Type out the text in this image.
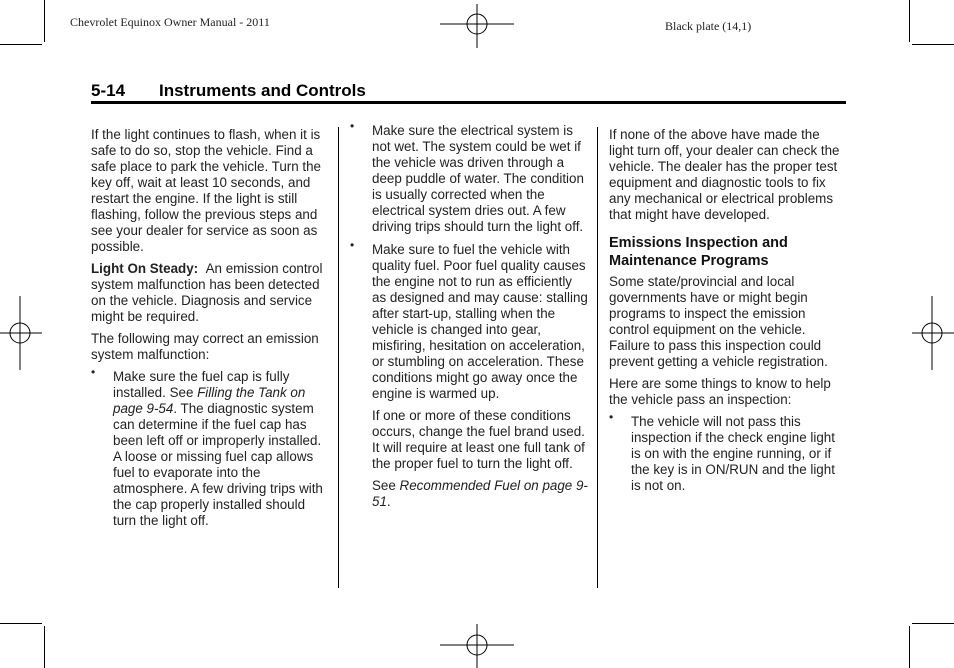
Chevrolet Equinox Owner Manual - 2011	Black plate (14,1)
5-14 Instruments and Controls

If the light continues to flash, when it is safe to do so, stop the vehicle. Find a safe place to park the vehicle. Turn the key off, wait at least 10 seconds, and restart the engine. If the light is still flashing, follow the previous steps and see your dealer for service as soon as possible.

Light On Steady: An emission control system malfunction has been detected on the vehicle. Diagnosis and service might be required.

The following may correct an emission system malfunction:

• Make sure the fuel cap is fully installed. See Filling the Tank on page 9-54. The diagnostic system can determine if the fuel cap has been left off or improperly installed. A loose or missing fuel cap allows fuel to evaporate into the atmosphere. A few driving trips with the cap properly installed should turn the light off.
• Make sure the electrical system is not wet. The system could be wet if the vehicle was driven through a deep puddle of water. The condition is usually corrected when the electrical system dries out. A few driving trips should turn the light off.
• Make sure to fuel the vehicle with quality fuel. Poor fuel quality causes the engine not to run as efficiently as designed and may cause: stalling after start-up, stalling when the vehicle is changed into gear, misfiring, hesitation on acceleration, or stumbling on acceleration. These conditions might go away once the engine is warmed up.

If one or more of these conditions occurs, change the fuel brand used. It will require at least one full tank of the proper fuel to turn the light off.

See Recommended Fuel on page 9-51.

If none of the above have made the light turn off, your dealer can check the vehicle. The dealer has the proper test equipment and diagnostic tools to fix any mechanical or electrical problems that might have developed.

Emissions Inspection and Maintenance Programs

Some state/provincial and local governments have or might begin programs to inspect the emission control equipment on the vehicle. Failure to pass this inspection could prevent getting a vehicle registration.

Here are some things to know to help the vehicle pass an inspection:

• The vehicle will not pass this inspection if the check engine light is on with the engine running, or if the key is in ON/RUN and the light is not on.
